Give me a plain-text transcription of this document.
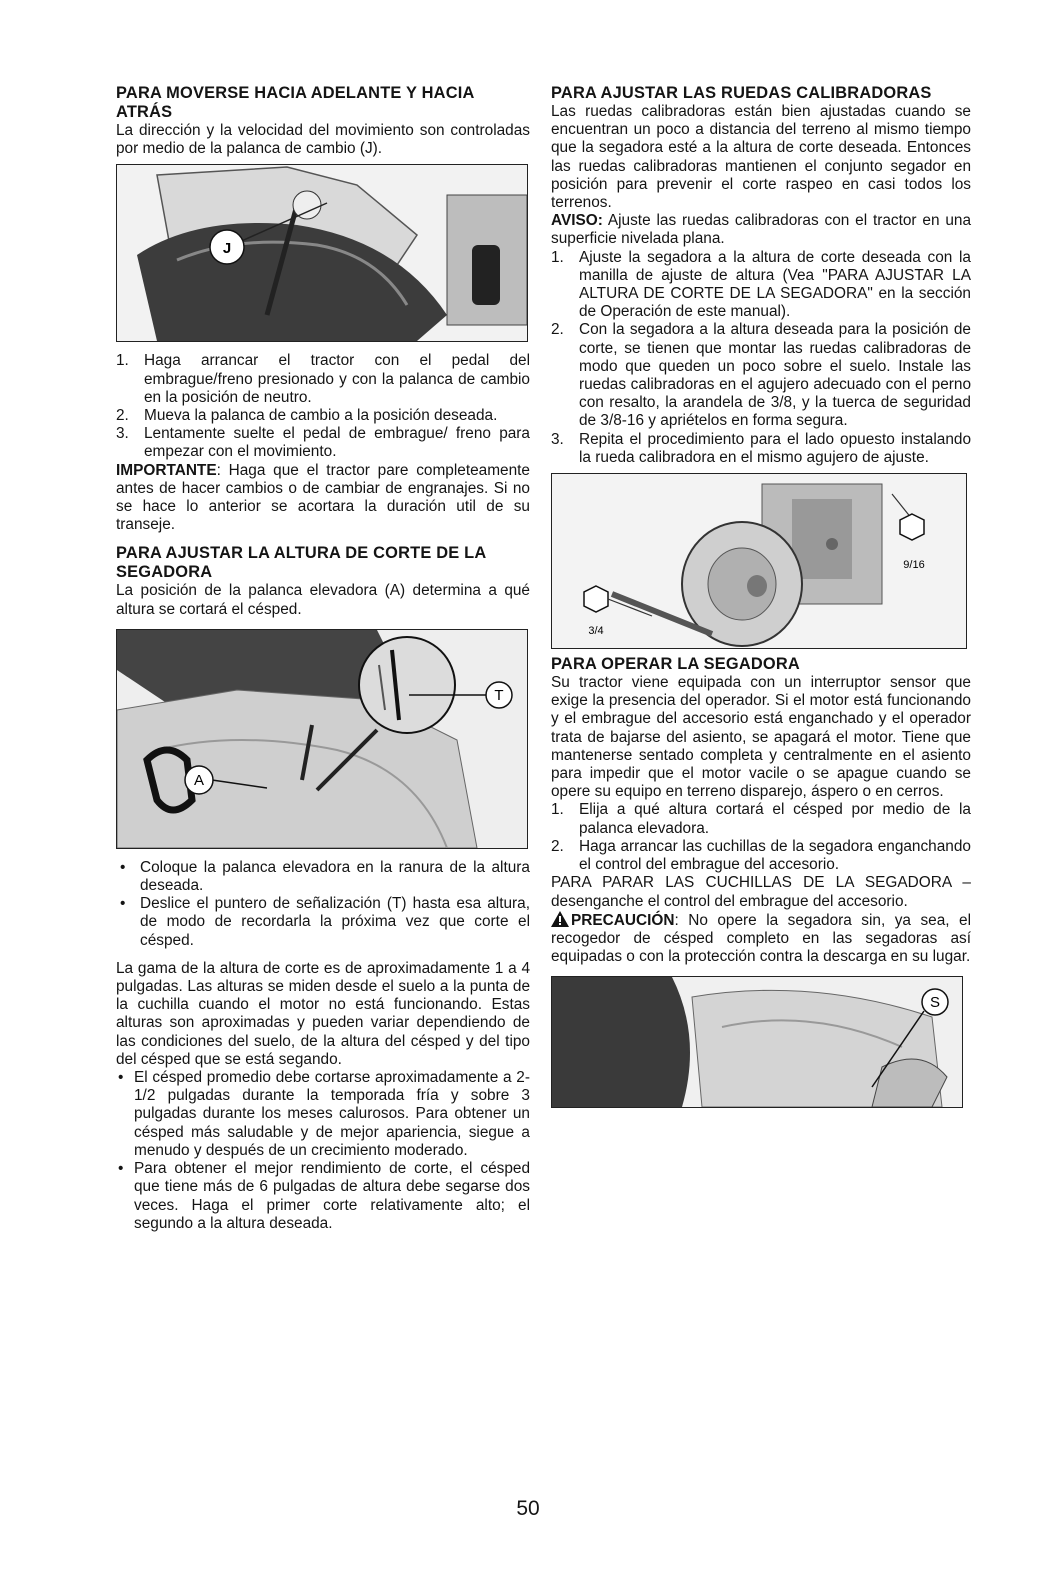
PARA MOVERSE HACIA ADELANTE Y HACIA ATRÁS

La dirección y la velocidad del movimiento son controladas por medio de la palanca de cambio (J).

J
1. Haga arrancar el tractor con el pedal del embrague/freno presionado y con la palanca de cambio en la posición de neutro.
2. Mueva la palanca de cambio a la posición deseada.
3. Lentamente suelte el pedal de embrague/ freno para empezar con el movimiento.

IMPORTANTE: Haga que el tractor pare completeamente antes de hacer cambios o de cambiar de engranajes. Si no se hace lo anterior se acortara la duración util de su transeje.

PARA AJUSTAR LA ALTURA DE CORTE DE LA SEGADORA

La posición de la palanca elevadora (A) determina a qué altura se cortará el césped.

T
A
• Coloque la palanca elevadora en la ranura de la altura deseada.
• Deslice el puntero de señalización (T) hasta esa altura, de modo de recordarla la próxima vez que corte el césped.

La gama de la altura de corte es de aproximadamente 1 a 4 pulgadas. Las alturas se miden desde el suelo a la punta de la cuchilla cuando el motor no está funcionando. Estas alturas son aproximadas y pueden variar dependiendo de las condiciones del suelo, de la altura del césped y del tipo del césped que se está segando.

• El césped promedio debe cortarse aproximadamente a 2-1/2 pulgadas durante la temporada fría y sobre 3 pulgadas durante los meses calurosos. Para obtener un césped más saludable y de mejor apariencia, siegue a menudo y después de un crecimiento moderado.
• Para obtener el mejor rendimiento de corte, el césped que tiene más de 6 pulgadas de altura debe segarse dos veces. Haga el primer corte relativamente alto; el segundo a la altura deseada.
PARA AJUSTAR LAS RUEDAS CALIBRADORAS

Las ruedas calibradoras están bien ajustadas cuando se encuentran un poco a distancia del terreno al mismo tiempo que la segadora esté a la altura de corte deseada. Entonces las ruedas calibradoras mantienen el conjunto segador en posición para prevenir el corte raspeo en casi todos los terrenos.

AVISO: Ajuste las ruedas calibradoras con el tractor en una superficie nivelada plana.

1. Ajuste la segadora a la altura de corte deseada con la manilla de ajuste de altura (Vea "PARA AJUSTAR LA ALTURA DE CORTE DE LA SEGADORA" en la sección de Operación de este manual).
2. Con la segadora a la altura deseada para la posición de corte, se tienen que montar las ruedas calibradoras de modo que queden un poco sobre el suelo. Instale las ruedas calibradoras en el agujero adecuado con el perno con resalto, la arandela de 3/8, y la tuerca de seguridad de 3/8-16 y apriételos en forma segura.
3. Repita el procedimiento para el lado opuesto instalando la rueda calibradora en el mismo agujero de ajuste.
9/16
3/4
PARA OPERAR LA SEGADORA

Su tractor viene equipada con un interruptor sensor que exige la presencia del operador. Si el motor está funcionando y el embrague del accesorio está enganchado y el operador trata de bajarse del asiento, se apagará el motor. Tiene que mantenerse sentado completa y centralmente en el asiento para impedir que el motor vacile o se apague cuando se opere su equipo en terreno disparejo, áspero o en cerros.

1. Elija a qué altura cortará el césped por medio de la palanca elevadora.
2. Haga arrancar las cuchillas de la segadora enganchando el control del embrague del accesorio.

PARA PARAR LAS CUCHILLAS DE LA SEGADORA – desenganche el control del embrague del accesorio.

PRECAUCIÓN: No opere la segadora sin, ya sea, el recogedor de césped completo en las segadoras así equipadas o con la protección contra la descarga en su lugar.

S
50
